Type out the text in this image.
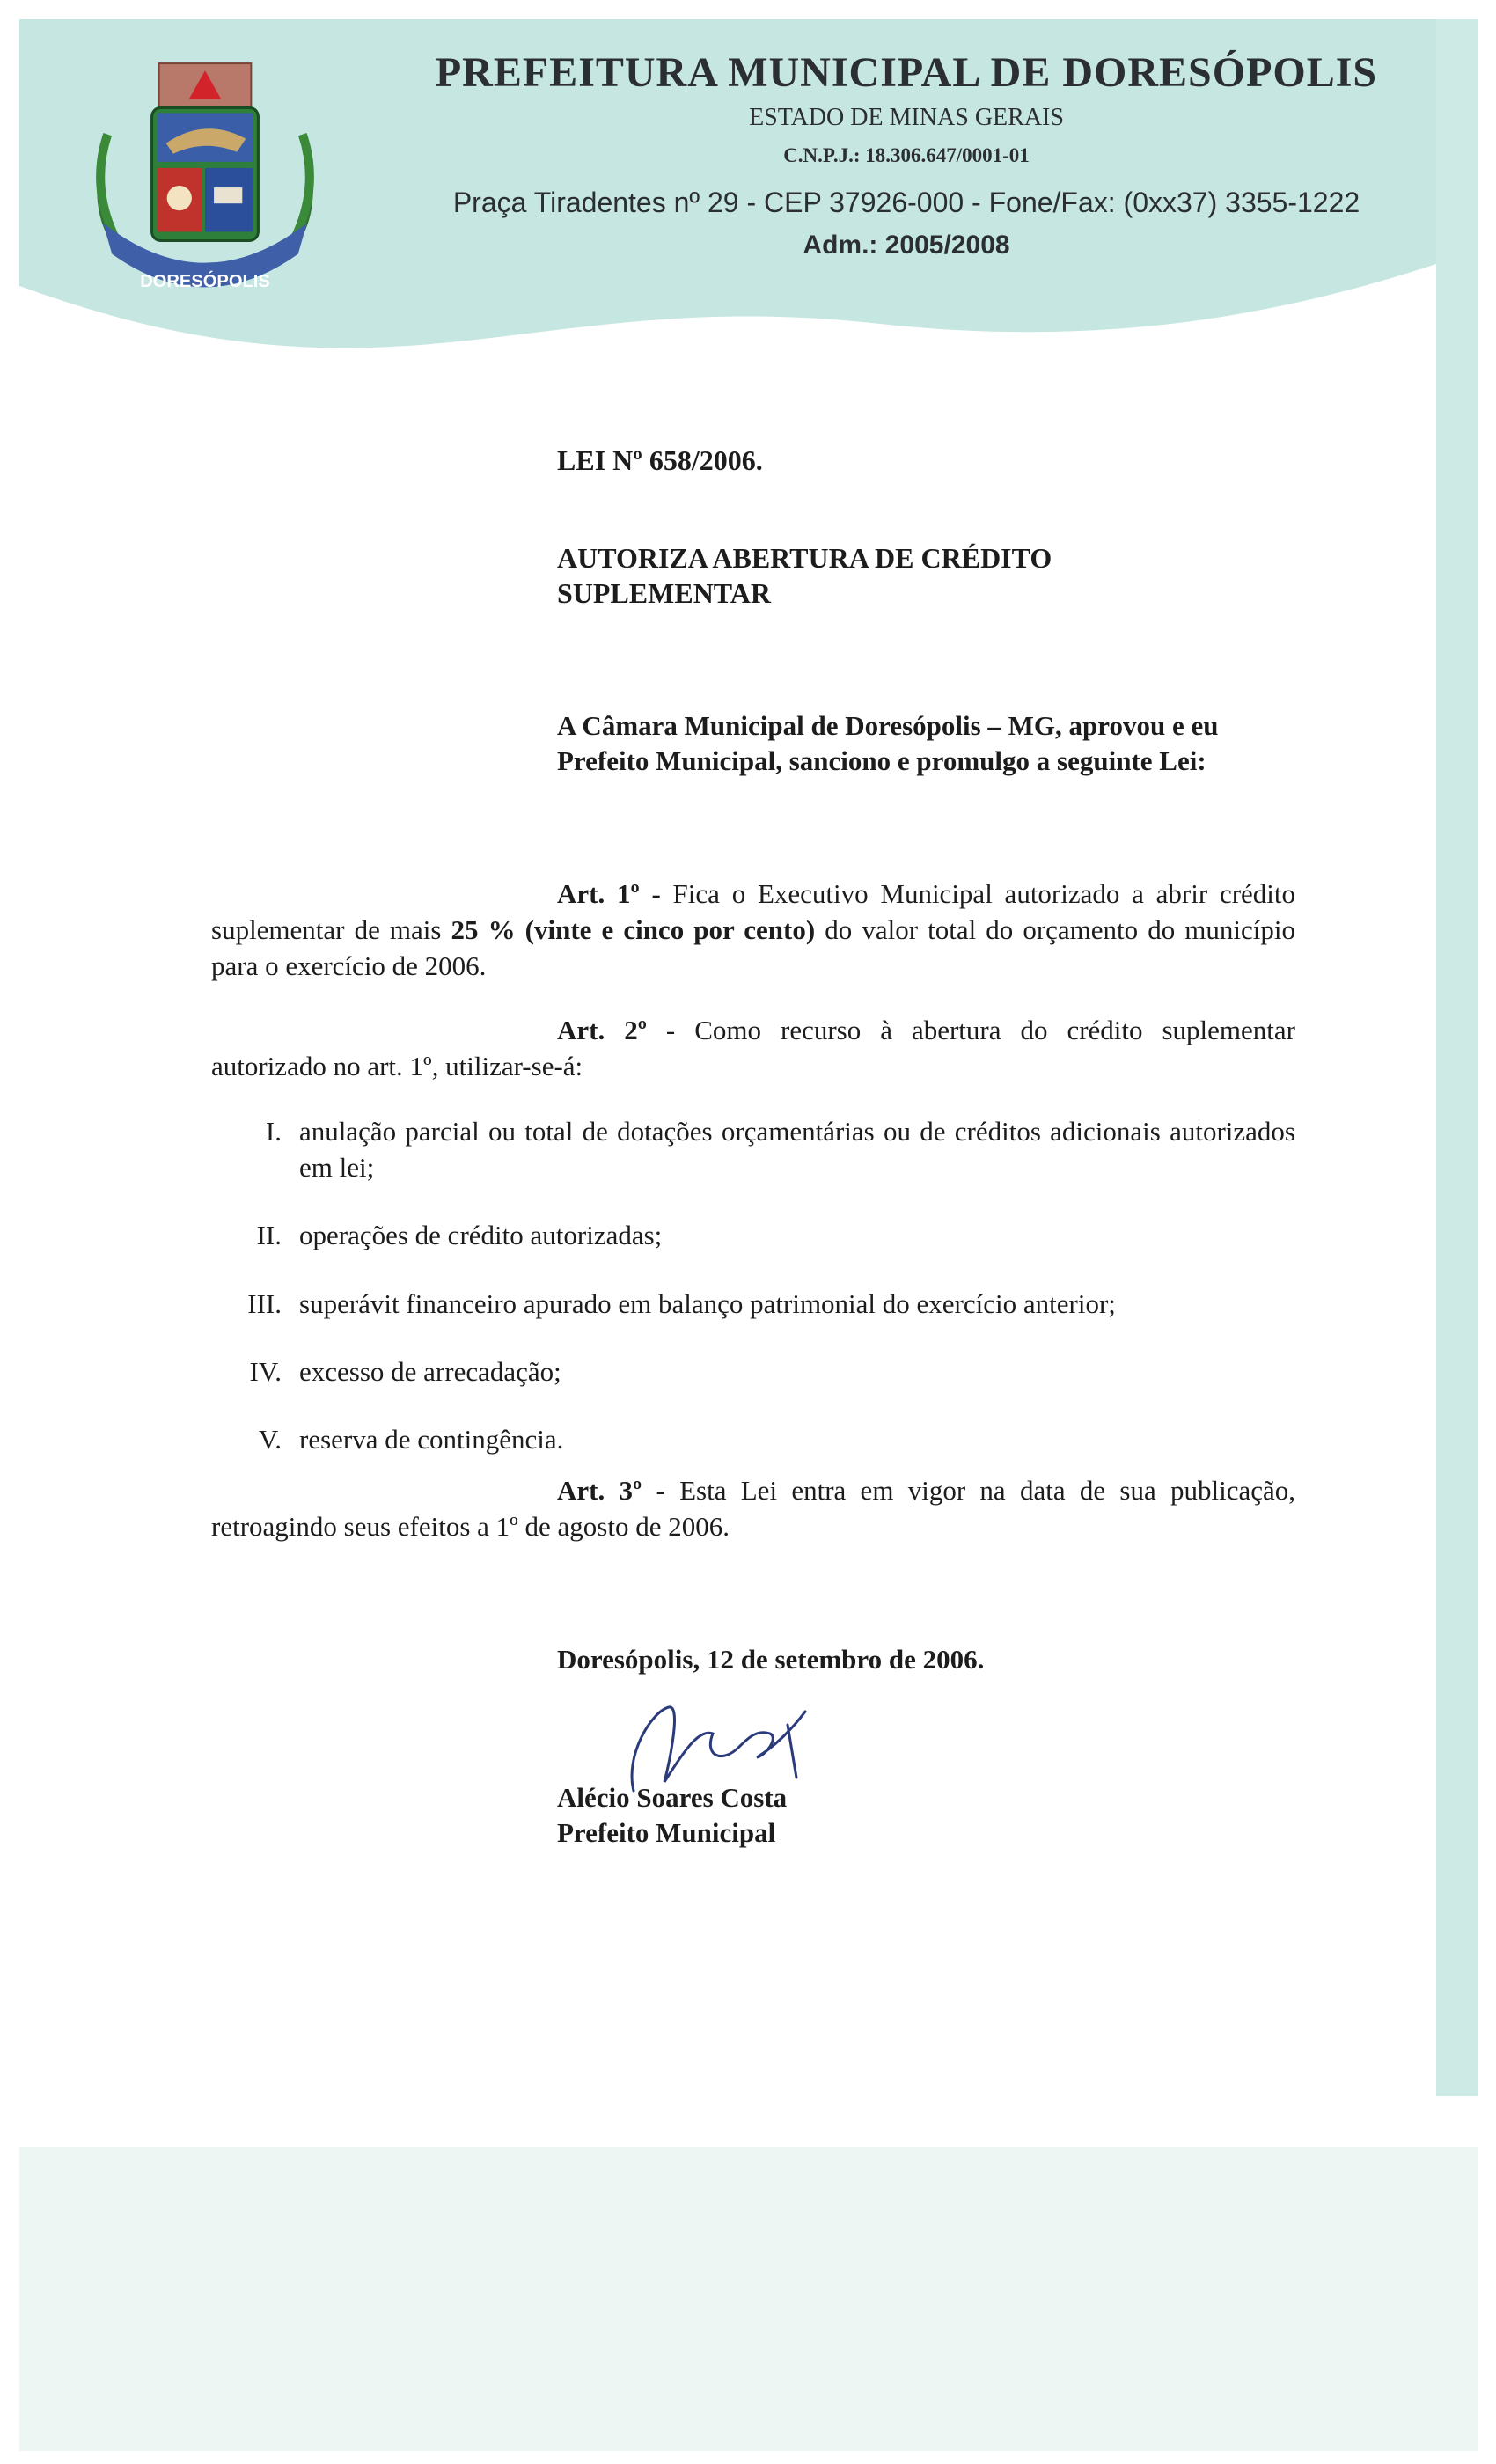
DORESÓPOLIS
PREFEITURA MUNICIPAL DE DORESÓPOLIS
ESTADO DE MINAS GERAIS
C.N.P.J.: 18.306.647/0001-01
Praça Tiradentes nº 29 - CEP 37926-000 - Fone/Fax: (0xx37) 3355-1222
Adm.: 2005/2008
LEI Nº 658/2006.
AUTORIZA ABERTURA DE CRÉDITO SUPLEMENTAR
A Câmara Municipal de Doresópolis – MG, aprovou e eu Prefeito Municipal, sanciono e promulgo a seguinte Lei:
Art. 1º - Fica o Executivo Municipal autorizado a abrir crédito suplementar de mais 25 % (vinte e cinco por cento) do valor total do orçamento do município para o exercício de 2006.
Art. 2º - Como recurso à abertura do crédito suplementar autorizado no art. 1º, utilizar-se-á:
I. anulação parcial ou total de dotações orçamentárias ou de créditos adicionais autorizados em lei;
II. operações de crédito autorizadas;
III. superávit financeiro apurado em balanço patrimonial do exercício anterior;
IV. excesso de arrecadação;
V. reserva de contingência.
Art. 3º - Esta Lei entra em vigor na data de sua publicação, retroagindo seus efeitos a 1º de agosto de 2006.
Doresópolis, 12 de setembro de 2006.
Alécio Soares Costa
Prefeito Municipal
